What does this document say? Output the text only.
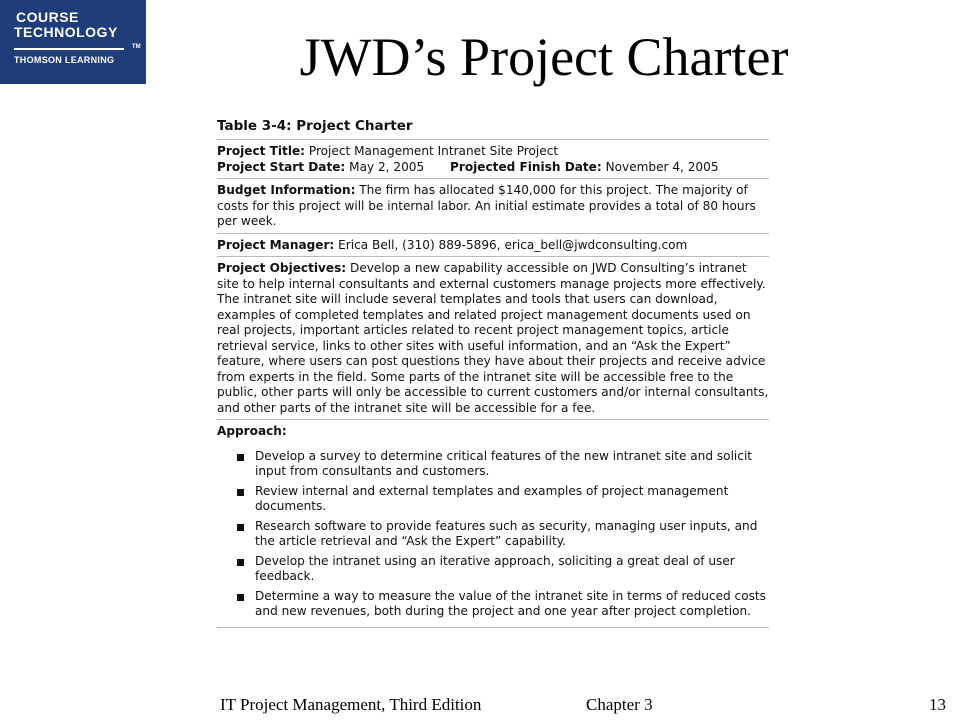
COURSE
TECHNOLOGY
TM
THOMSON LEARNING	JWD’s Project Charter
Table 3-4: Project Charter
Project Title: Project Management Intranet Site Project
Project Start Date: May 2, 2005 Projected Finish Date: November 4, 2005
Budget Information: The firm has allocated $140,000 for this project. The majority of costs for this project will be internal labor. An initial estimate provides a total of 80 hours per week.
Project Manager: Erica Bell, (310) 889-5896, erica_bell@jwdconsulting.com
Project Objectives: Develop a new capability accessible on JWD Consulting’s intranet site to help internal consultants and external customers manage projects more effectively. The intranet site will include several templates and tools that users can download, examples of completed templates and related project management documents used on real projects, important articles related to recent project management topics, article retrieval service, links to other sites with useful information, and an “Ask the Expert” feature, where users can post questions they have about their projects and receive advice from experts in the field. Some parts of the intranet site will be accessible free to the public, other parts will only be accessible to current customers and/or internal consultants, and other parts of the intranet site will be accessible for a fee.
Approach:
Develop a survey to determine critical features of the new intranet site and solicit input from consultants and customers.
Review internal and external templates and examples of project management documents.
Research software to provide features such as security, managing user inputs, and the article retrieval and “Ask the Expert” capability.
Develop the intranet using an iterative approach, soliciting a great deal of user feedback.
Determine a way to measure the value of the intranet site in terms of reduced costs and new revenues, both during the project and one year after project completion.
IT Project Management, Third Edition	Chapter 3	13
